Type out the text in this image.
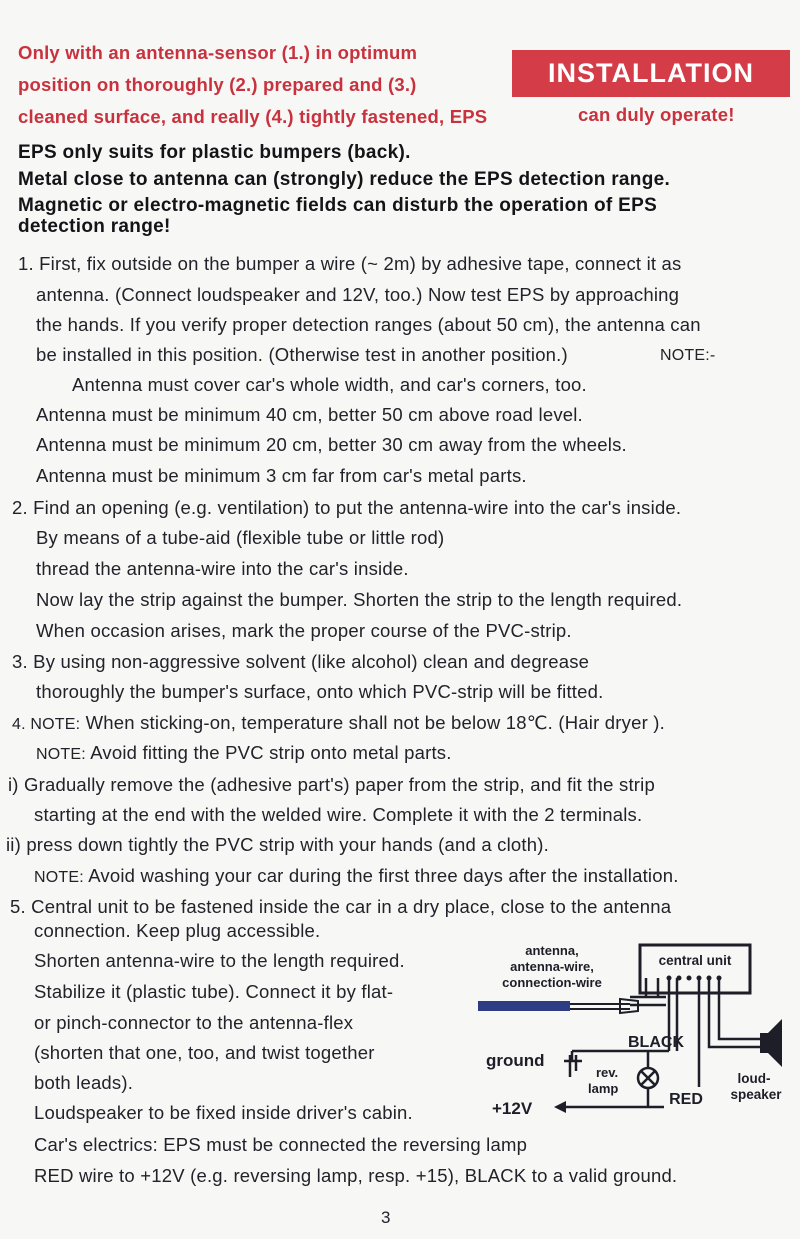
Only with an antenna-sensor (1.) in optimum
position on thoroughly (2.) prepared and (3.)
cleaned surface, and really (4.) tightly fastened, EPS	can duly operate!
INSTALLATION
EPS only suits for plastic bumpers (back).
Metal close to antenna can (strongly) reduce the EPS detection range.
Magnetic or electro-magnetic fields can disturb the operation of EPS
detection range!
1. First, fix outside on the bumper a wire (~ 2m) by adhesive tape, connect it as
antenna. (Connect loudspeaker and 12V, too.) Now test EPS by approaching
the hands. If you verify proper detection ranges (about 50 cm), the antenna can
be installed in this position. (Otherwise test in another position.)	NOTE:-
Antenna must cover car's whole width, and car's corners, too.
Antenna must be minimum 40 cm, better 50 cm above road level.
Antenna must be minimum 20 cm, better 30 cm away from the wheels.
Antenna must be minimum 3 cm far from car's metal parts.
2. Find an opening (e.g. ventilation) to put the antenna-wire into the car's inside.
By means of a tube-aid (flexible tube or little rod)
thread the antenna-wire into the car's inside.
Now lay the strip against the bumper. Shorten the strip to the length required.
When occasion arises, mark the proper course of the PVC-strip.
3. By using non-aggressive solvent (like alcohol) clean and degrease
thoroughly the bumper's surface, onto which PVC-strip will be fitted.
4. NOTE: When sticking-on, temperature shall not be below 18℃. (Hair dryer ).
NOTE: Avoid fitting the PVC strip onto metal parts.
i) Gradually remove the (adhesive part's) paper from the strip, and fit the strip
starting at the end with the welded wire. Complete it with the 2 terminals.
ii) press down tightly the PVC strip with your hands (and a cloth).
NOTE: Avoid washing your car during the first three days after the installation.
5. Central unit to be fastened inside the car in a dry place, close to the antenna
connection. Keep plug accessible.
Shorten antenna-wire to the length required.
Stabilize it (plastic tube). Connect it by flat-
or pinch-connector to the antenna-flex
(shorten that one, too, and twist together
both leads).
Loudspeaker to be fixed inside driver's cabin.
Car's electrics: EPS must be connected the reversing lamp
RED wire to +12V (e.g. reversing lamp, resp. +15), BLACK to a valid ground.
antenna,
antenna-wire,
connection-wire
central unit
BLACK
ground
rev.
lamp
+12V	RED
loud-
speaker
3
